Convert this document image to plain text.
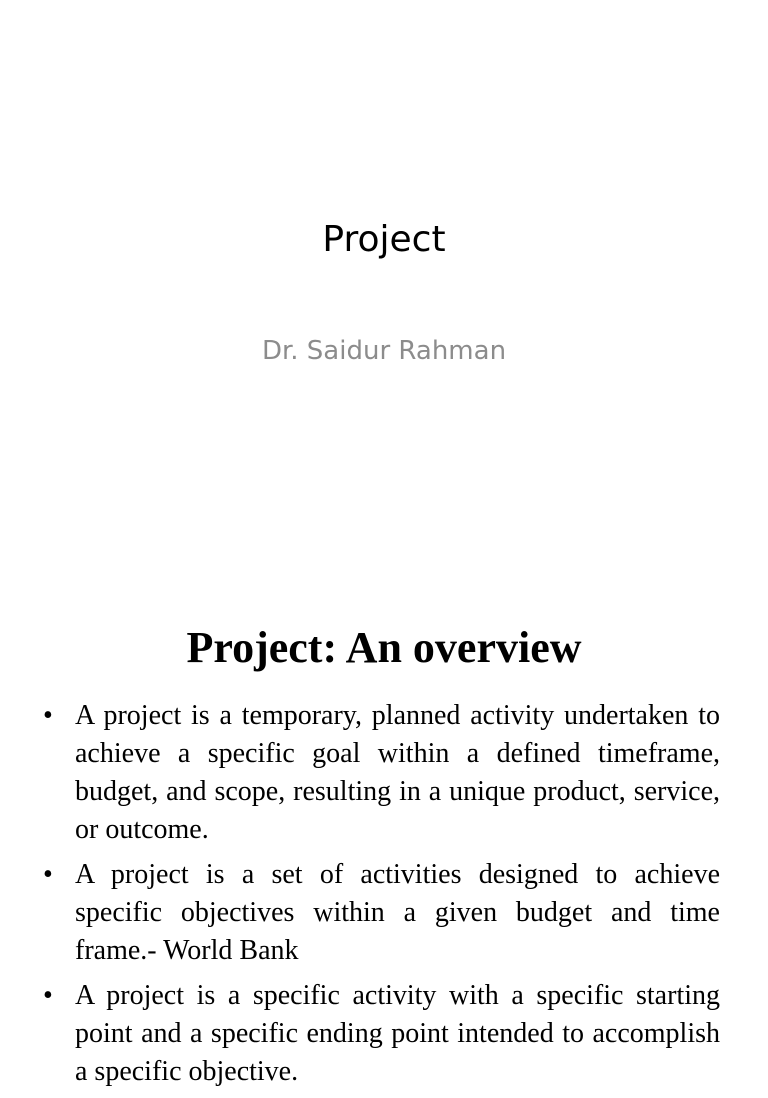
Project
Dr. Saidur Rahman
Project: An overview
• A project is a temporary, planned activity undertaken to achieve a specific goal within a defined timeframe, budget, and scope, resulting in a unique product, service, or outcome.
• A project is a set of activities designed to achieve specific objectives within a given budget and time frame.- World Bank
• A project is a specific activity with a specific starting point and a specific ending point intended to accomplish a specific objective.
